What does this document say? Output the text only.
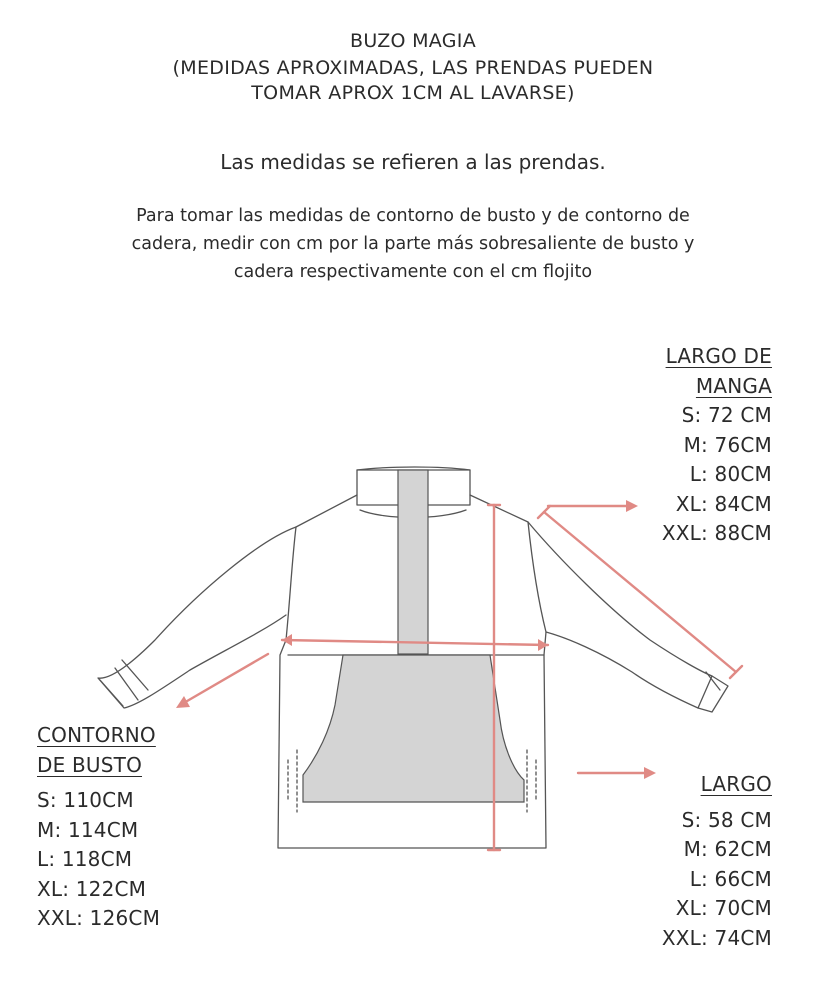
BUZO MAGIA
(MEDIDAS APROXIMADAS, LAS PRENDAS PUEDEN
TOMAR APROX 1CM AL LAVARSE)
Las medidas se refieren a las prendas.
Para tomar las medidas de contorno de busto y de contorno de
cadera, medir con cm por la parte más sobresaliente de busto y
cadera respectivamente con el cm flojito
LARGO DE
MANGA
S: 72 CM
M: 76CM
L: 80CM
XL: 84CM
XXL: 88CM
CONTORNO
DE BUSTO
S: 110CM
M: 114CM
L: 118CM
XL: 122CM
XXL: 126CM
LARGO
S: 58 CM
M: 62CM
L: 66CM
XL: 70CM
XXL: 74CM
